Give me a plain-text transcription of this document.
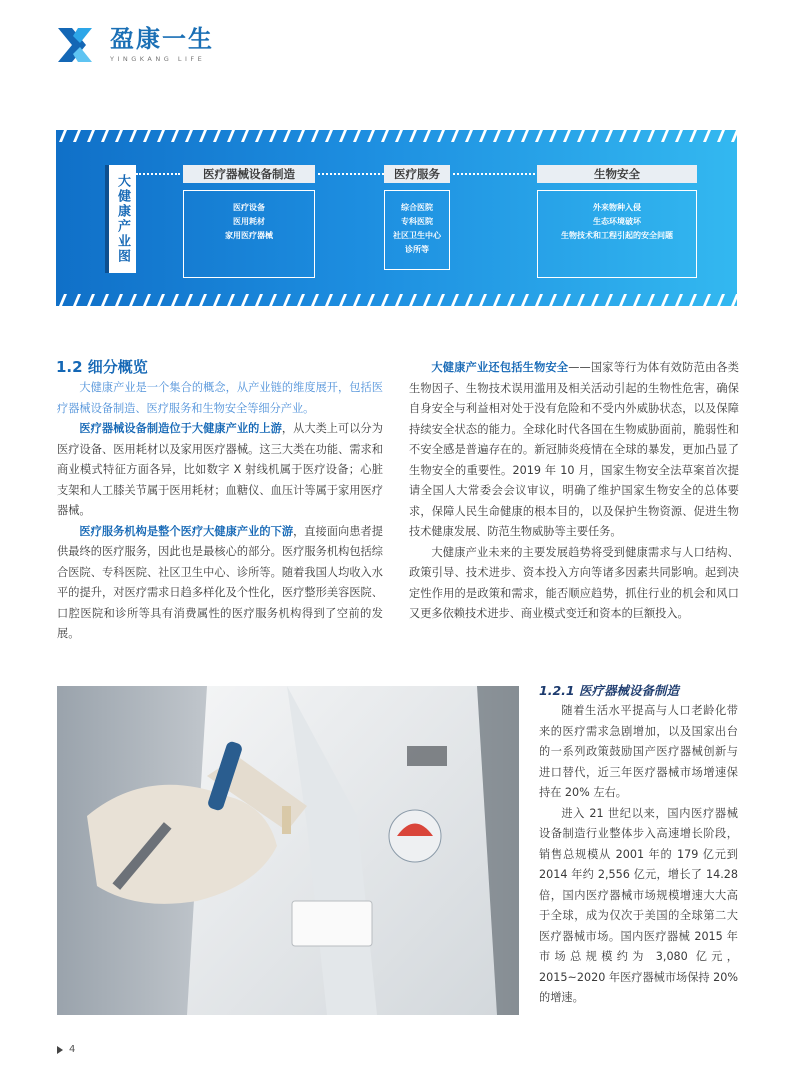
盈康一生
YINGKANG LIFE
大健康产业图	医疗器械设备制造	医疗服务	生物安全
医疗设备
医用耗材
家用医疗器械
综合医院
专科医院
社区卫生中心
诊所等
外来物种入侵
生态环境破坏
生物技术和工程引起的安全问题
1.2 细分概览

大健康产业是一个集合的概念，从产业链的维度展开，包括医疗器械设备制造、医疗服务和生物安全等细分产业。

医疗器械设备制造位于大健康产业的上游，从大类上可以分为医疗设备、医用耗材以及家用医疗器械。这三大类在功能、需求和商业模式特征方面各异，比如数字 X 射线机属于医疗设备；心脏支架和人工膝关节属于医用耗材；血糖仪、血压计等属于家用医疗器械。

医疗服务机构是整个医疗大健康产业的下游，直接面向患者提供最终的医疗服务，因此也是最核心的部分。医疗服务机构包括综合医院、专科医院、社区卫生中心、诊所等。随着我国人均收入水平的提升，对医疗需求日趋多样化及个性化，医疗整形美容医院、口腔医院和诊所等具有消费属性的医疗服务机构得到了空前的发展。

大健康产业还包括生物安全——国家等行为体有效防范由各类生物因子、生物技术误用滥用及相关活动引起的生物性危害，确保自身安全与利益相对处于没有危险和不受内外威胁状态，以及保障持续安全状态的能力。全球化时代各国在生物威胁面前，脆弱性和不安全感是普遍存在的。新冠肺炎疫情在全球的暴发，更加凸显了生物安全的重要性。2019 年 10 月，国家生物安全法草案首次提请全国人大常委会会议审议，明确了维护国家生物安全的总体要求，保障人民生命健康的根本目的，以及保护生物资源、促进生物技术健康发展、防范生物威胁等主要任务。

大健康产业未来的主要发展趋势将受到健康需求与人口结构、政策引导、技术进步、资本投入方向等诸多因素共同影响。起到决定性作用的是政策和需求，能否顺应趋势，抓住行业的机会和风口又更多依赖技术进步、商业模式变迁和资本的巨额投入。

1.2.1 医疗器械设备制造

随着生活水平提高与人口老龄化带来的医疗需求急剧增加，以及国家出台的一系列政策鼓励国产医疗器械创新与进口替代，近三年医疗器械市场增速保持在 20% 左右。

进入 21 世纪以来，国内医疗器械设备制造行业整体步入高速增长阶段，销售总规模从 2001 年的 179 亿元到 2014 年约 2,556 亿元，增长了 14.28 倍，国内医疗器械市场规模增速大大高于全球，成为仅次于美国的全球第二大医疗器械市场。国内医疗器械 2015 年市场总规模约为 3,080 亿元，2015~2020 年医疗器械市场保持 20% 的增速。

4
